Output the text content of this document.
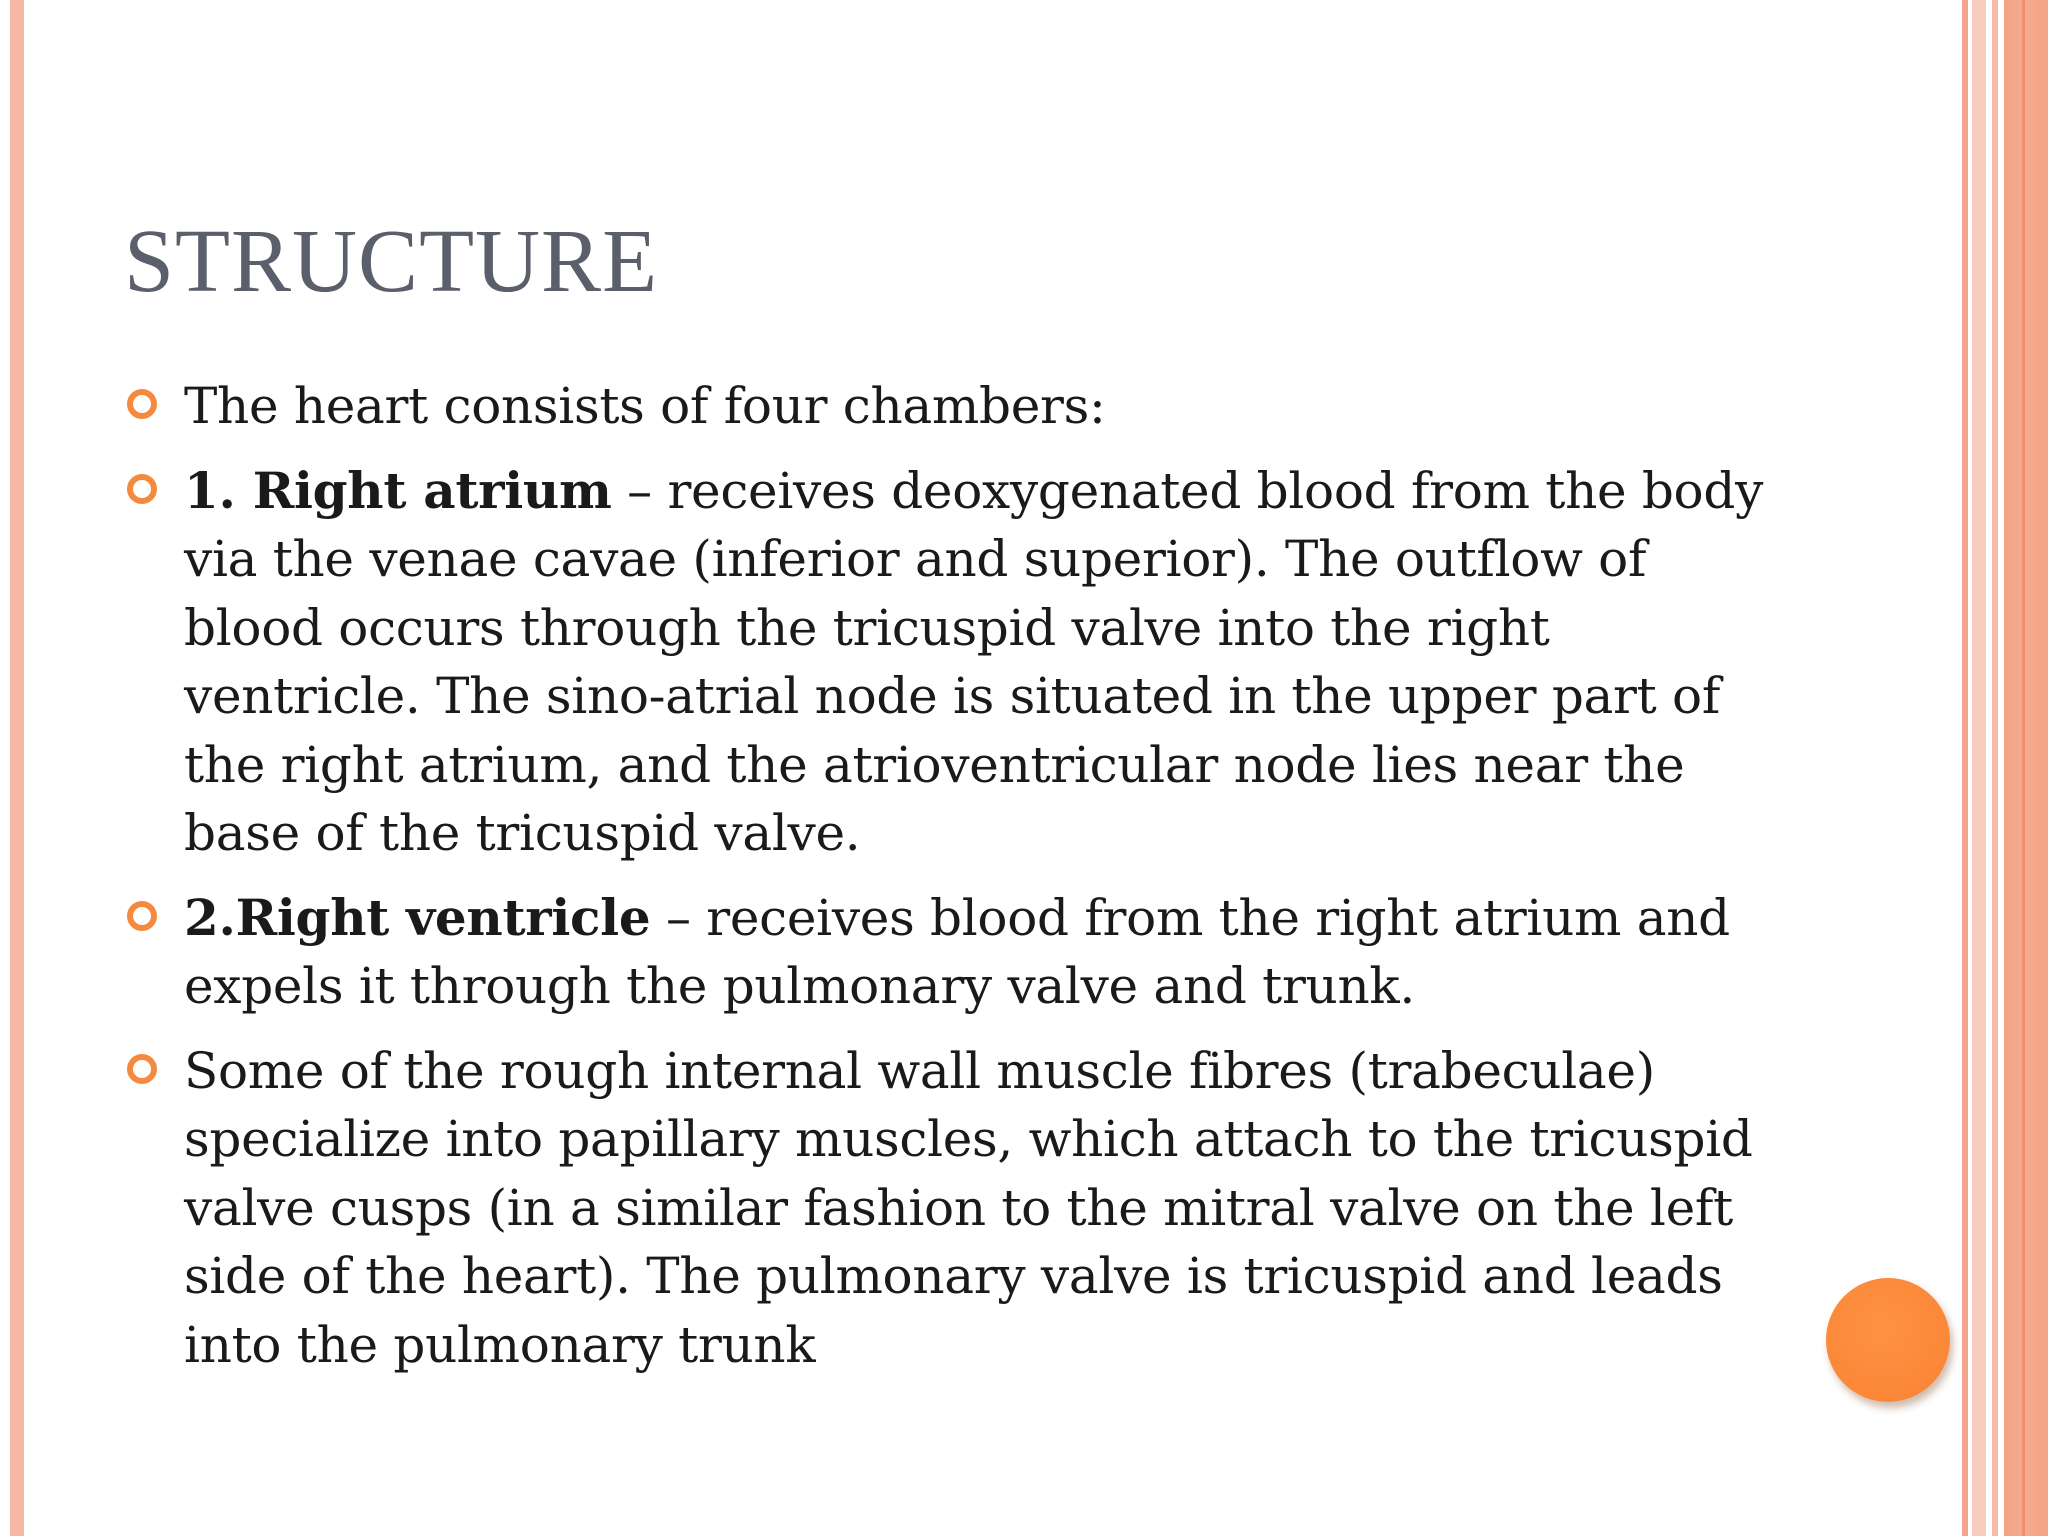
STRUCTURE
The heart consists of four chambers:
1. Right atrium – receives deoxygenated blood from the body via the venae cavae (inferior and superior). The outflow of blood occurs through the tricuspid valve into the right ventricle. The sino-atrial node is situated in the upper part of the right atrium, and the atrioventricular node lies near the base of the tricuspid valve.
2.Right ventricle – receives blood from the right atrium and expels it through the pulmonary valve and trunk.
Some of the rough internal wall muscle fibres (trabeculae) specialize into papillary muscles, which attach to the tricuspid valve cusps (in a similar fashion to the mitral valve on the left side of the heart). The pulmonary valve is tricuspid and leads into the pulmonary trunk
